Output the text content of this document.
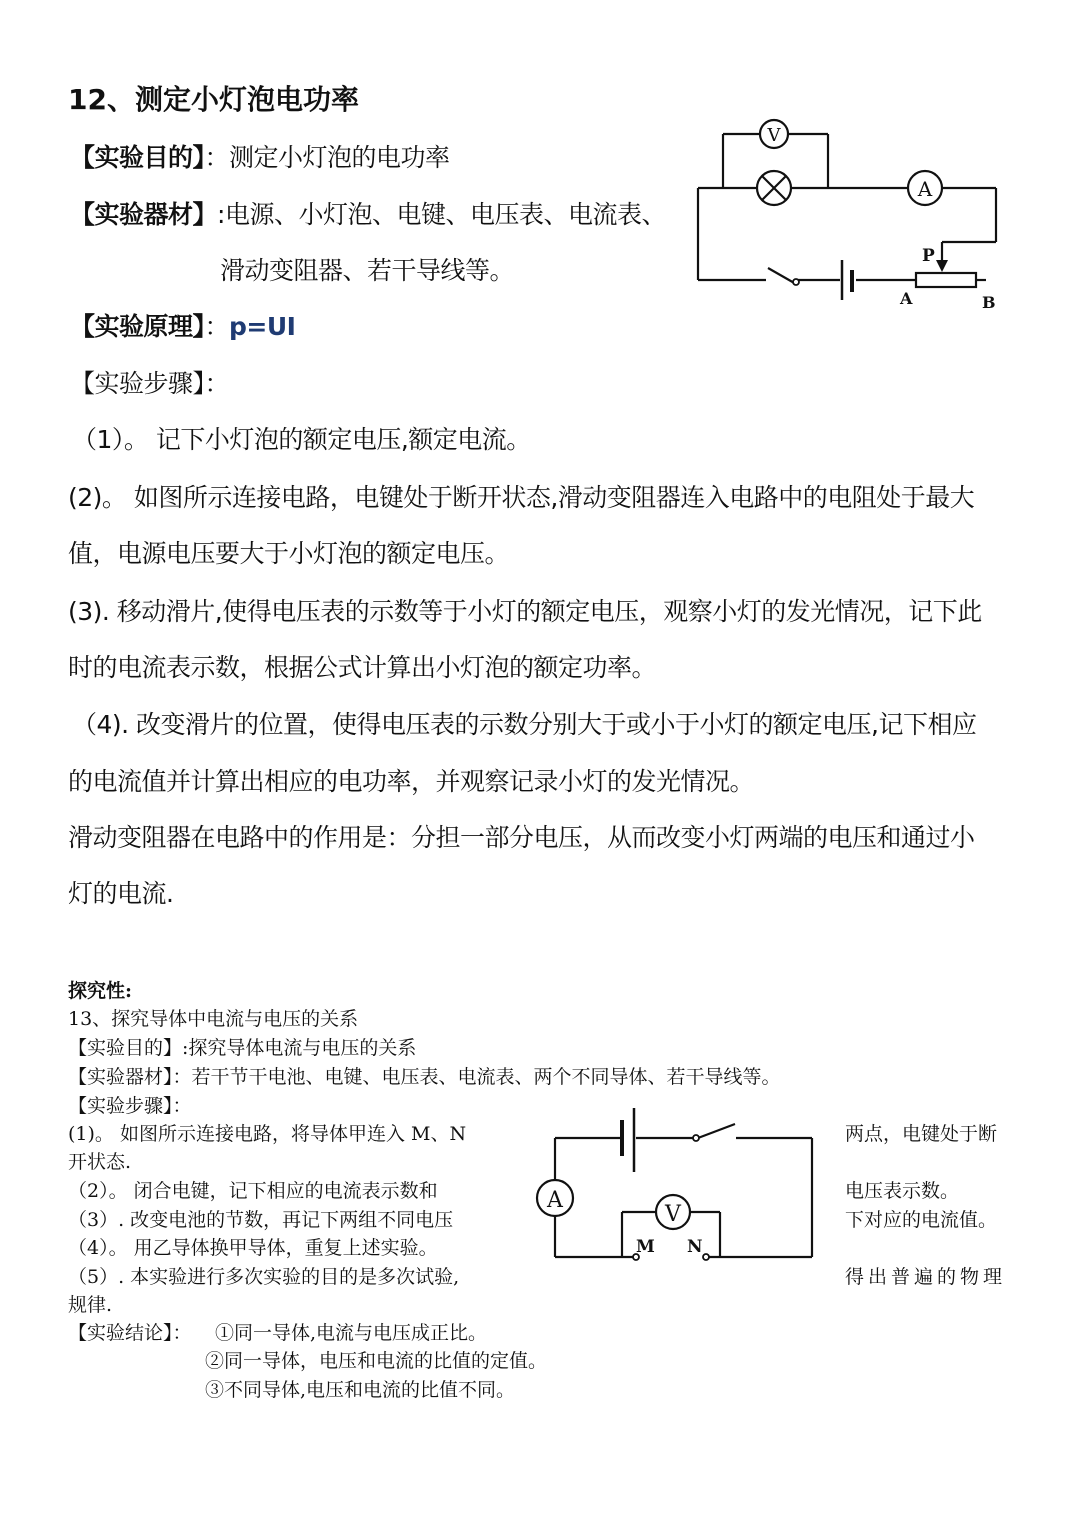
12、测定小灯泡电功率
【实验目的】：测定小灯泡的电功率
【实验器材】:电源、小灯泡、电键、电压表、电流表、
滑动变阻器、若干导线等。
【实验原理】：p=UI
【实验步骤】：
（1）。 记下小灯泡的额定电压,额定电流。
(2)。 如图所示连接电路，电键处于断开状态,滑动变阻器连入电路中的电阻处于最大
值，电源电压要大于小灯泡的额定电压。
(3). 移动滑片,使得电压表的示数等于小灯的额定电压，观察小灯的发光情况，记下此
时的电流表示数，根据公式计算出小灯泡的额定功率。
（4). 改变滑片的位置，使得电压表的示数分别大于或小于小灯的额定电压,记下相应
的电流值并计算出相应的电功率，并观察记录小灯的发光情况。
滑动变阻器在电路中的作用是：分担一部分电压，从而改变小灯两端的电压和通过小
灯的电流.
V
A
P
A	B
探究性:
13、探究导体中电流与电压的关系
【实验目的】:探究导体电流与电压的关系
【实验器材】：若干节干电池、电键、电压表、电流表、两个不同导体、若干导线等。
【实验步骤】：
(1)。 如图所示连接电路，将导体甲连入 M、N	两点，电键处于断
开状态.
（2）。 闭合电键，记下相应的电流表示数和	电压表示数。
（3）. 改变电池的节数，再记下两组不同电压	下对应的电流值。
（4）。 用乙导体换甲导体，重复上述实验。
（5）. 本实验进行多次实验的目的是多次试验,	得出普遍的物理
规律.
【实验结论】： ①同一导体,电流与电压成正比。
②同一导体，电压和电流的比值的定值。
③不同导体,电压和电流的比值不同。
A
V
M N
